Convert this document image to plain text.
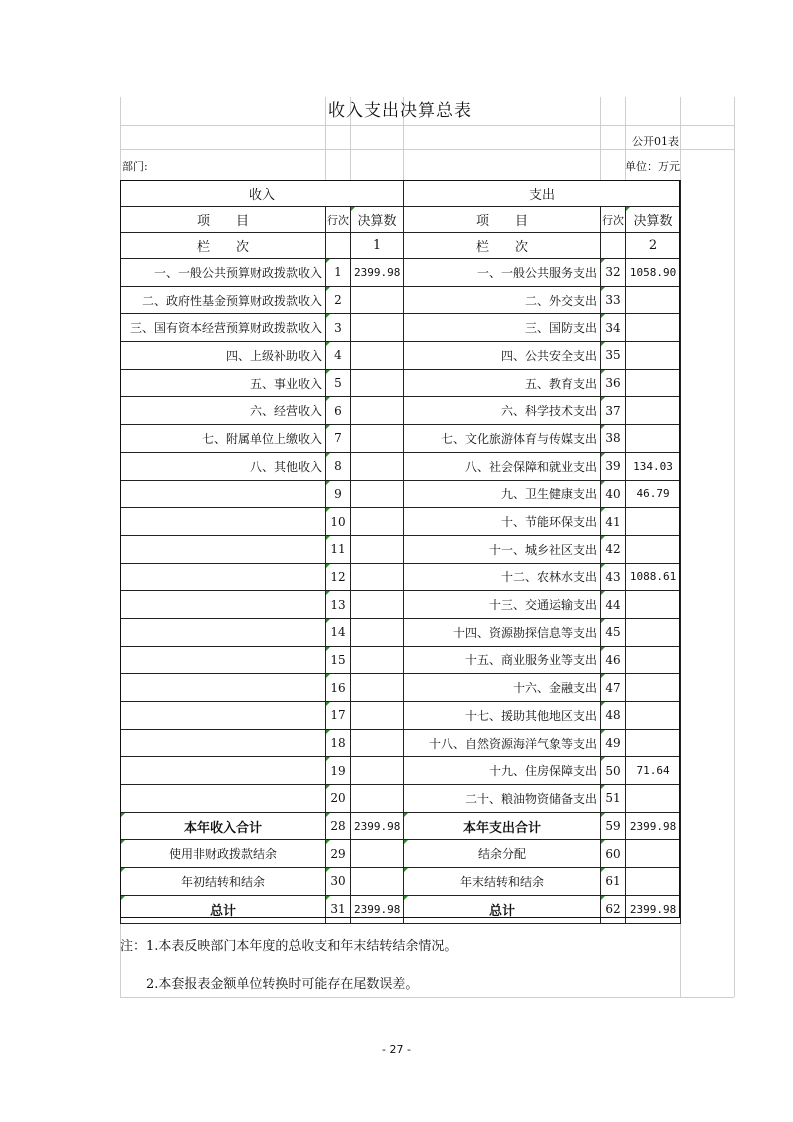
收入支出决算总表
公开01表
部门:	单位：万元
收入			支出		
项　　目	行次	决算数	项　　目	行次	决算数
栏　　次		1	栏　　次		2
一、一般公共预算财政拨款收入	1	2399.98	一、一般公共服务支出	32	1058.90
二、政府性基金预算财政拨款收入	2		二、外交支出	33	
三、国有资本经营预算财政拨款收入	3		三、国防支出	34	
四、上级补助收入	4		四、公共安全支出	35	
五、事业收入	5		五、教育支出	36	
六、经营收入	6		六、科学技术支出	37	
七、附属单位上缴收入	7		七、文化旅游体育与传媒支出	38	
八、其他收入	8		八、社会保障和就业支出	39	134.03
	9		九、卫生健康支出	40	46.79
	10		十、节能环保支出	41	
	11		十一、城乡社区支出	42	
	12		十二、农林水支出	43	1088.61
	13		十三、交通运输支出	44	
	14		十四、资源勘探信息等支出	45	
	15		十五、商业服务业等支出	46	
	16		十六、金融支出	47	
	17		十七、援助其他地区支出	48	
	18		十八、自然资源海洋气象等支出	49	
	19		十九、住房保障支出	50	71.64
	20		二十、粮油物资储备支出	51	
本年收入合计	28	2399.98	本年支出合计	59	2399.98
使用非财政拨款结余	29		结余分配	60	
年初结转和结余	30		年末结转和结余	61	
总计	31	2399.98	总计	62	2399.98
注：1.本表反映部门本年度的总收支和年末结转结余情况。
　　2.本套报表金额单位转换时可能存在尾数误差。
- 27 -
